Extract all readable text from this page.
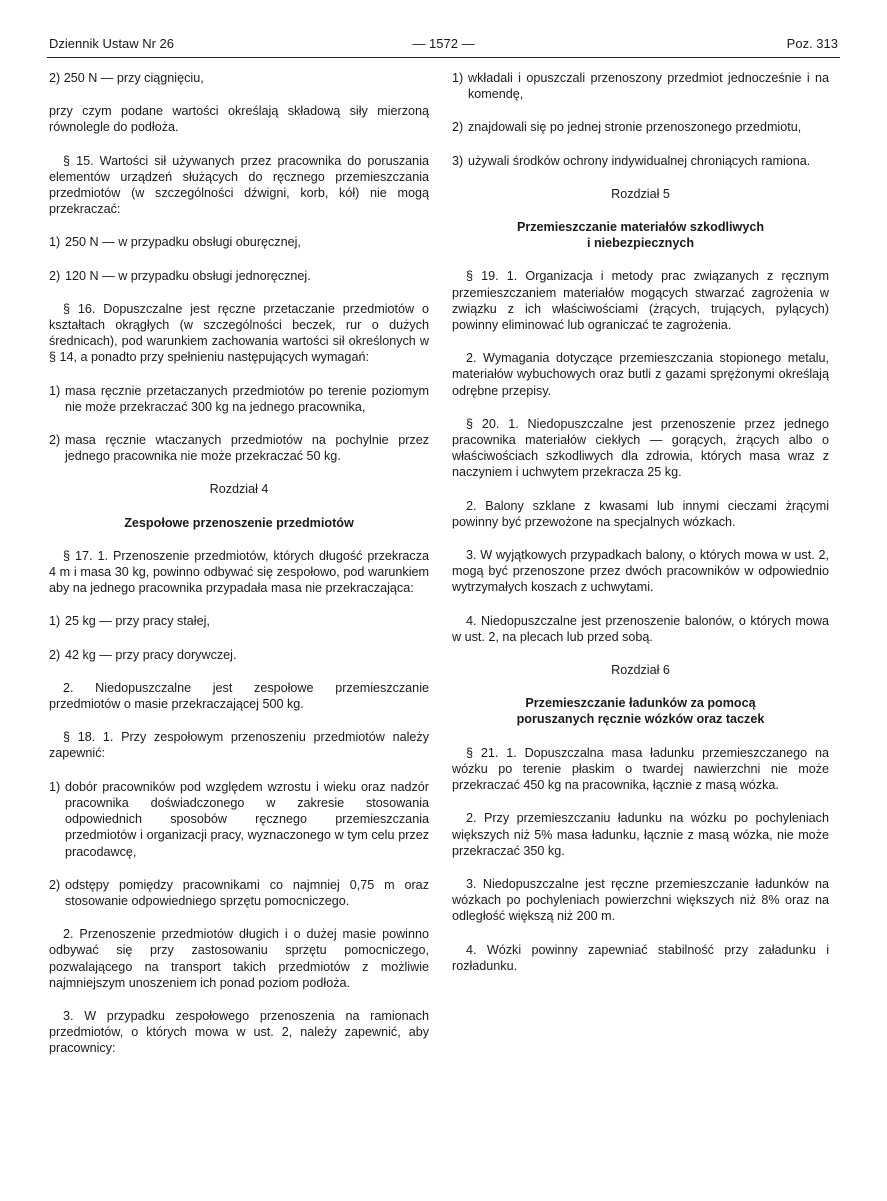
Dziennik Ustaw Nr 26	— 1572 —	Poz. 313

2) 250 N — przy ciągnięciu,

przy czym podane wartości określają składową siły mierzoną równolegle do podłoża.

§ 15. Wartości sił używanych przez pracownika do poruszania elementów urządzeń służących do ręcznego przemieszczania przedmiotów (w szczególności dźwigni, korb, kół) nie mogą przekraczać:

1) 250 N — w przypadku obsługi oburęcznej,
2) 120 N — w przypadku obsługi jednoręcznej.

§ 16. Dopuszczalne jest ręczne przetaczanie przedmiotów o kształtach okrągłych (w szczególności beczek, rur o dużych średnicach), pod warunkiem zachowania wartości sił określonych w § 14, a ponadto przy spełnieniu następujących wymagań:

1) masa ręcznie przetaczanych przedmiotów po terenie poziomym nie może przekraczać 300 kg na jednego pracownika,
2) masa ręcznie wtaczanych przedmiotów na pochylnie przez jednego pracownika nie może przekraczać 50 kg.
Rozdział 4
Zespołowe przenoszenie przedmiotów

§ 17. 1. Przenoszenie przedmiotów, których długość przekracza 4 m i masa 30 kg, powinno odbywać się zespołowo, pod warunkiem aby na jednego pracownika przypadała masa nie przekraczająca:

1) 25 kg — przy pracy stałej,
2) 42 kg — przy pracy dorywczej.

2. Niedopuszczalne jest zespołowe przemieszczanie przedmiotów o masie przekraczającej 500 kg.

§ 18. 1. Przy zespołowym przenoszeniu przedmiotów należy zapewnić:

1) dobór pracowników pod względem wzrostu i wieku oraz nadzór pracownika doświadczonego w zakresie stosowania odpowiednich sposobów ręcznego przemieszczania przedmiotów i organizacji pracy, wyznaczonego w tym celu przez pracodawcę,
2) odstępy pomiędzy pracownikami co najmniej 0,75 m oraz stosowanie odpowiedniego sprzętu pomocniczego.

2. Przenoszenie przedmiotów długich i o dużej masie powinno odbywać się przy zastosowaniu sprzętu pomocniczego, pozwalającego na transport takich przedmiotów z możliwie najmniejszym unoszeniem ich ponad poziom podłoża.

3. W przypadku zespołowego przenoszenia na ramionach przedmiotów, o których mowa w ust. 2, należy zapewnić, aby pracownicy:

1) wkładali i opuszczali przenoszony przedmiot jednocześnie i na komendę,
2) znajdowali się po jednej stronie przenoszonego przedmiotu,
3) używali środków ochrony indywidualnej chroniących ramiona.
Rozdział 5
Przemieszczanie materiałów szkodliwych
i niebezpiecznych

§ 19. 1. Organizacja i metody prac związanych z ręcznym przemieszczaniem materiałów mogących stwarzać zagrożenia w związku z ich właściwościami (żrących, trujących, pylących) powinny eliminować lub ograniczać te zagrożenia.

2. Wymagania dotyczące przemieszczania stopionego metalu, materiałów wybuchowych oraz butli z gazami sprężonymi określają odrębne przepisy.

§ 20. 1. Niedopuszczalne jest przenoszenie przez jednego pracownika materiałów ciekłych — gorących, żrących albo o właściwościach szkodliwych dla zdrowia, których masa wraz z naczyniem i uchwytem przekracza 25 kg.

2. Balony szklane z kwasami lub innymi cieczami żrącymi powinny być przewożone na specjalnych wózkach.

3. W wyjątkowych przypadkach balony, o których mowa w ust. 2, mogą być przenoszone przez dwóch pracowników w odpowiednio wytrzymałych koszach z uchwytami.

4. Niedopuszczalne jest przenoszenie balonów, o których mowa w ust. 2, na plecach lub przed sobą.

Rozdział 6
Przemieszczanie ładunków za pomocą
poruszanych ręcznie wózków oraz taczek

§ 21. 1. Dopuszczalna masa ładunku przemieszczanego na wózku po terenie płaskim o twardej nawierzchni nie może przekraczać 450 kg na pracownika, łącznie z masą wózka.

2. Przy przemieszczaniu ładunku na wózku po pochyleniach większych niż 5% masa ładunku, łącznie z masą wózka, nie może przekraczać 350 kg.

3. Niedopuszczalne jest ręczne przemieszczanie ładunków na wózkach po pochyleniach powierzchni większych niż 8% oraz na odległość większą niż 200 m.

4. Wózki powinny zapewniać stabilność przy załadunku i rozładunku.
